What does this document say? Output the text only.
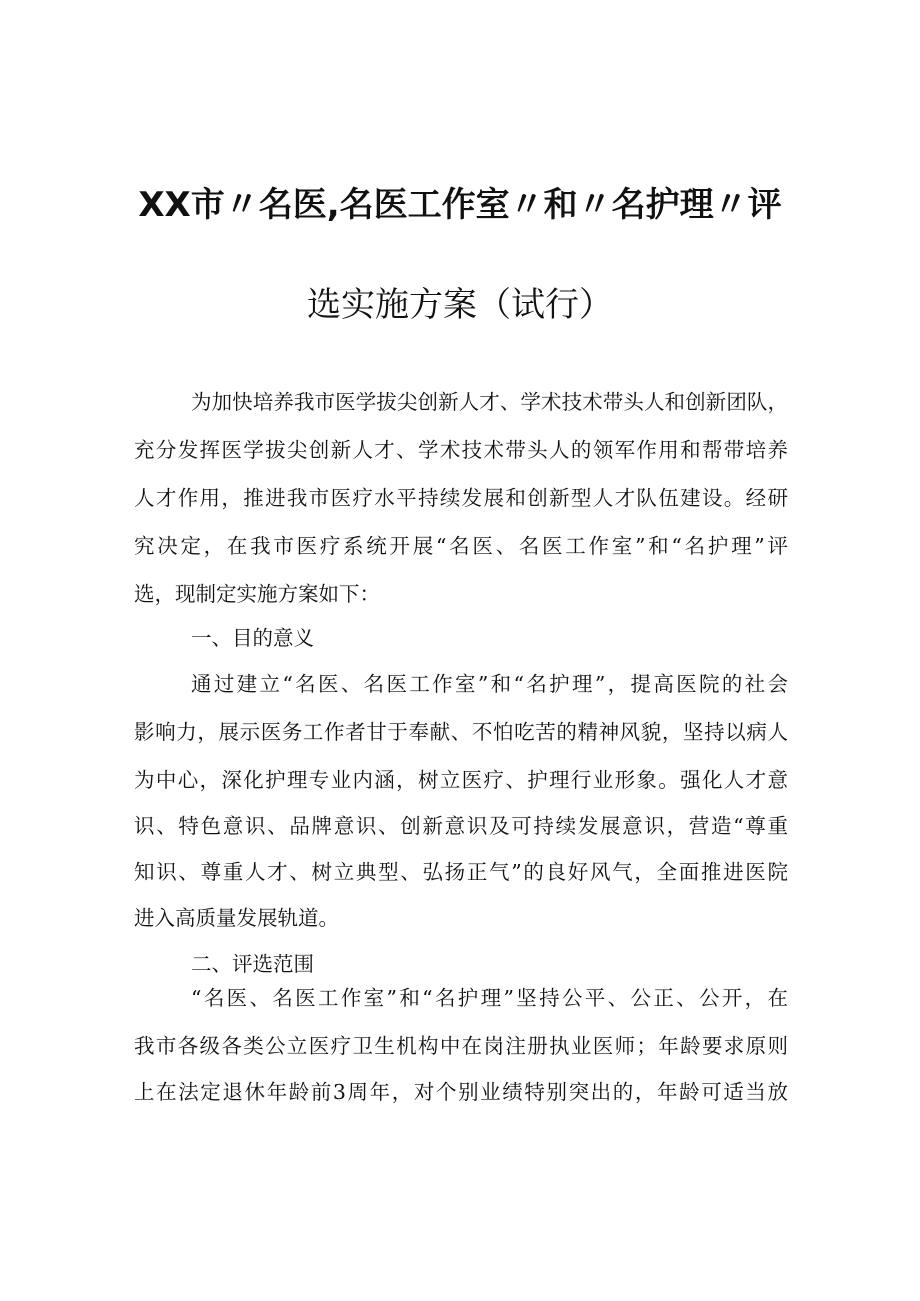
XX市〃名医,名医工作室〃和〃名护理〃评
选实施方案（试行）
为加快培养我市医学拔尖创新人才、学术技术带头人和创新团队，
充分发挥医学拔尖创新人才、学术技术带头人的领军作用和帮带培养
人才作用，推进我市医疗水平持续发展和创新型人才队伍建设。经研
究决定，在我市医疗系统开展“名医、名医工作室”和“名护理”评
选，现制定实施方案如下：
一、目的意义
通过建立“名医、名医工作室”和“名护理”，提高医院的社会
影响力，展示医务工作者甘于奉献、不怕吃苦的精神风貌，坚持以病人
为中心，深化护理专业内涵，树立医疗、护理行业形象。强化人才意
识、特色意识、品牌意识、创新意识及可持续发展意识，营造“尊重
知识、尊重人才、树立典型、弘扬正气”的良好风气，全面推进医院
进入高质量发展轨道。
二、评选范围
“名医、名医工作室”和“名护理”坚持公平、公正、公开，在
我市各级各类公立医疗卫生机构中在岗注册执业医师；年龄要求原则
上在法定退休年龄前3周年，对个别业绩特别突出的，年龄可适当放
